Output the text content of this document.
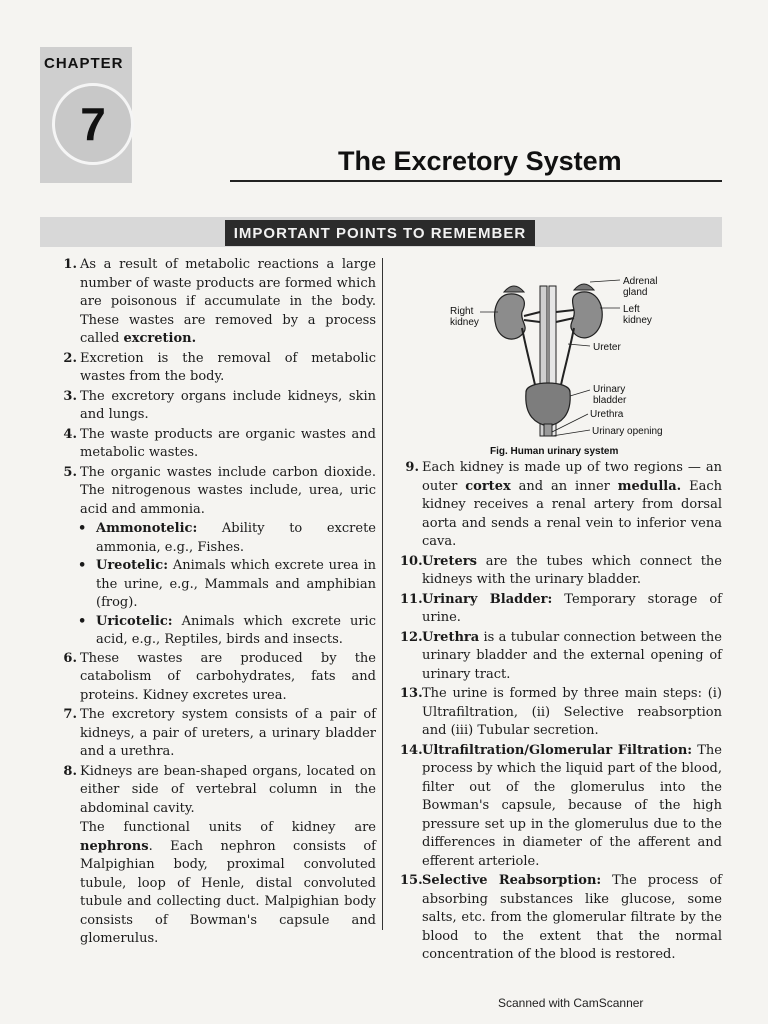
CHAPTER
7
The Excretory System
IMPORTANT POINTS TO REMEMBER
1. As a result of metabolic reactions a large number of waste products are formed which are poisonous if accumulate in the body. These wastes are removed by a process called excretion.
2. Excretion is the removal of metabolic wastes from the body.
3. The excretory organs include kidneys, skin and lungs.
4. The waste products are organic wastes and metabolic wastes.
5. The organic wastes include carbon dioxide. The nitrogenous wastes include, urea, uric acid and ammonia.
• Ammonotelic: Ability to excrete ammonia, e.g., Fishes.
• Ureotelic: Animals which excrete urea in the urine, e.g., Mammals and amphibian (frog).
• Uricotelic: Animals which excrete uric acid, e.g., Reptiles, birds and insects.
6. These wastes are produced by the catabolism of carbohydrates, fats and proteins. Kidney excretes urea.
7. The excretory system consists of a pair of kidneys, a pair of ureters, a urinary bladder and a urethra.
8. Kidneys are bean-shaped organs, located on either side of vertebral column in the abdominal cavity.
The functional units of kidney are nephrons. Each nephron consists of Malpighian body, proximal convoluted tubule, loop of Henle, distal convoluted tubule and collecting duct. Malpighian body consists of Bowman's capsule and glomerulus.
Adrenal
gland
Left
kidney
Right
kidney
Ureter
Urinary
bladder
Urethra
Urinary opening
Fig. Human urinary system
9. Each kidney is made up of two regions — an outer cortex and an inner medulla. Each kidney receives a renal artery from dorsal aorta and sends a renal vein to inferior vena cava.
10. Ureters are the tubes which connect the kidneys with the urinary bladder.
11. Urinary Bladder: Temporary storage of urine.
12. Urethra is a tubular connection between the urinary bladder and the external opening of urinary tract.
13. The urine is formed by three main steps: (i) Ultrafiltration, (ii) Selective reabsorption and (iii) Tubular secretion.
14. Ultrafiltration/Glomerular Filtration: The process by which the liquid part of the blood, filter out of the glomerulus into the Bowman's capsule, because of the high pressure set up in the glomerulus due to the differences in diameter of the afferent and efferent arteriole.
15. Selective Reabsorption: The process of absorbing substances like glucose, some salts, etc. from the glomerular filtrate by the blood to the extent that the normal concentration of the blood is restored.
Scanned with CamScanner
